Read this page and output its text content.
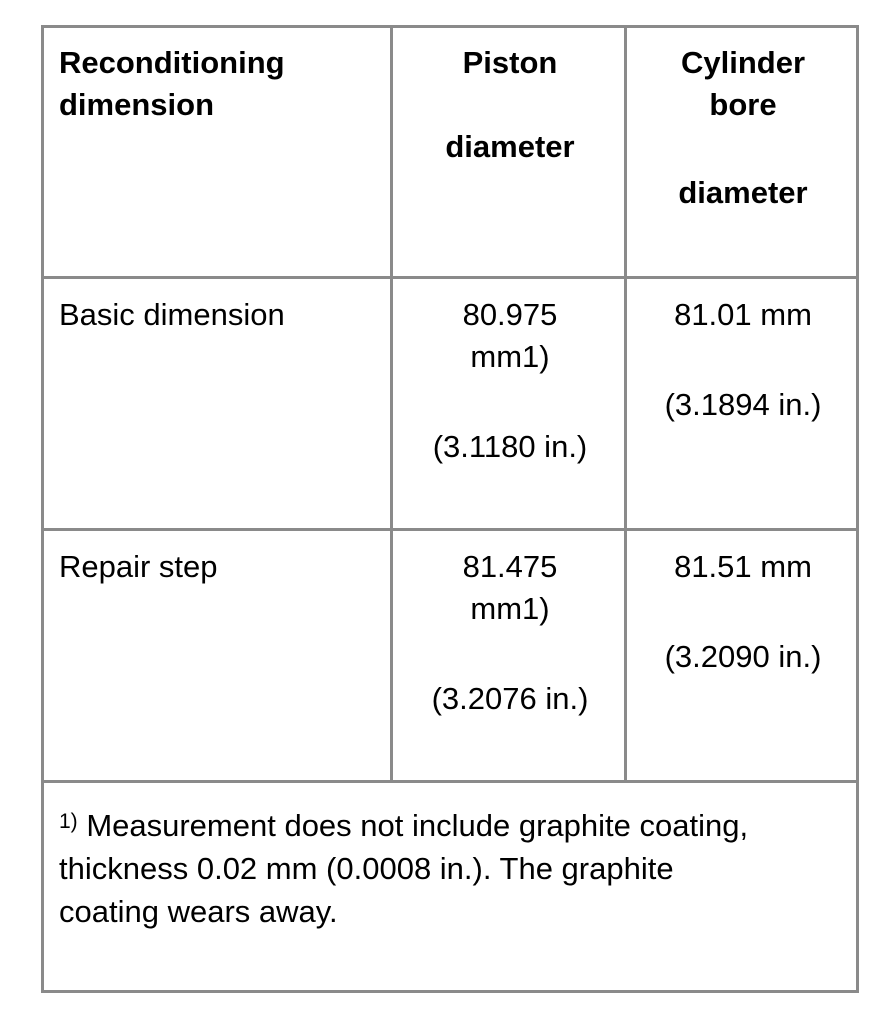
Reconditioning
dimension
Piston
diameter
Cylinder
bore
diameter
Basic dimension	80.975
mm1)
(3.1180 in.)
81.01 mm
(3.1894 in.)
Repair step	81.475
mm1)
(3.2076 in.)
81.51 mm
(3.2090 in.)
$^{1)}$ Measurement does not include graphite coating,
thickness 0.02 mm (0.0008 in.). The graphite
coating wears away.
